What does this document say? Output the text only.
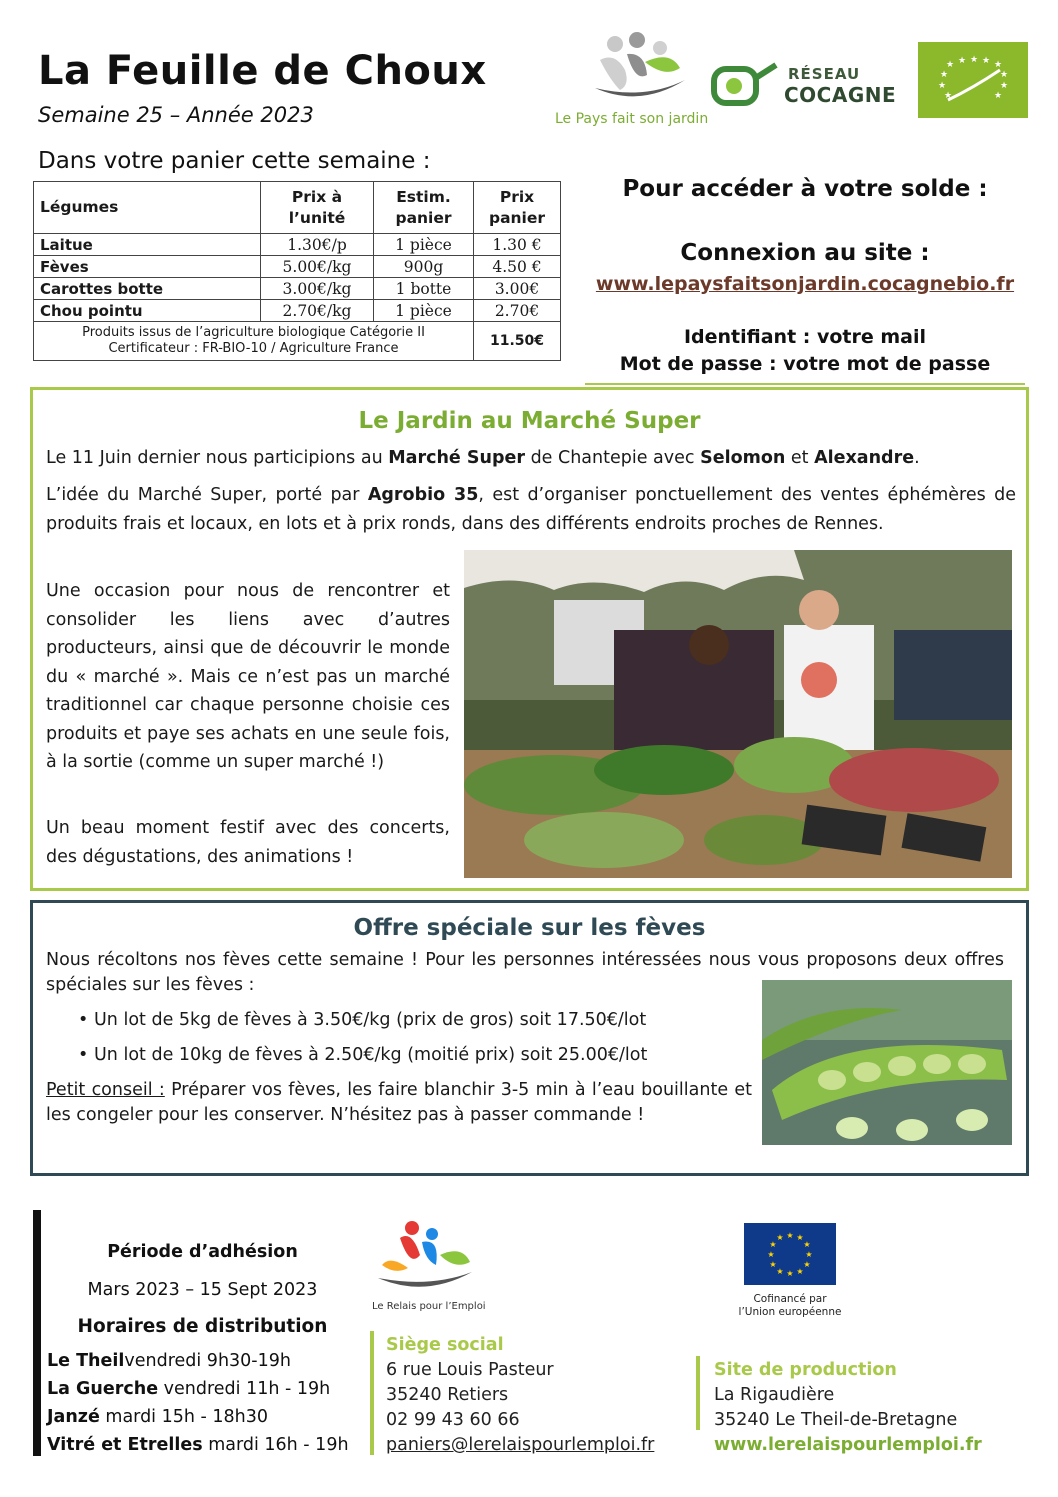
La Feuille de Choux
Semaine 25 – Année 2023	Le Pays fait son jardin
RÉSEAU
COCAGNE
★ ★ ★ ★ ★
★
★
★	★
★	★
Dans votre panier cette semaine :
Légumes	Prix à l’unité	Estim. panier	Prix panier
Laitue	1.30€/p	1 pièce	1.30 €
Fèves	5.00€/kg	900g	4.50 €
Carottes botte	3.00€/kg	1 botte	3.00€
Chou pointu	2.70€/kg	1 pièce	2.70€

Produits issus de l’agriculture biologique Catégorie II
Certificateur : FR-BIO-10 / Agriculture France			11.50€
Pour accéder à votre solde :
Connexion au site :
www.lepaysfaitsonjardin.cocagnebio.fr
Identifiant : votre mail
Mot de passe : votre mot de passe
Le Jardin au Marché Super
Le 11 Juin dernier nous participions au Marché Super de Chantepie avec Selomon et Alexandre.
L’idée du Marché Super, porté par Agrobio 35, est d’organiser ponctuellement des ventes éphémères de produits frais et locaux, en lots et à prix ronds, dans des différents endroits proches de Rennes.
Une occasion pour nous de rencontrer et consolider les liens avec d’autres producteurs, ainsi que de découvrir le monde du « marché ». Mais ce n’est pas un marché traditionnel car chaque personne choisie ces produits et paye ses achats en une seule fois, à la sortie (comme un super marché !)
Un beau moment festif avec des concerts, des dégustations, des animations !
Offre spéciale sur les fèves
Nous récoltons nos fèves cette semaine ! Pour les personnes intéressées nous vous proposons deux offres spéciales sur les fèves :
• Un lot de 5kg de fèves à 3.50€/kg (prix de gros) soit 17.50€/lot
• Un lot de 10kg de fèves à 2.50€/kg (moitié prix) soit 25.00€/lot
Petit conseil : Préparer vos fèves, les faire blanchir 3-5 min à l’eau bouillante et les congeler pour les conserver. N’hésitez pas à passer commande !
Période d’adhésion
Mars 2023 – 15 Sept 2023
Horaires de distribution
Le Theilvendredi 9h30-19h
La Guerche vendredi 11h - 19h
Janzé mardi 15h - 18h30
Vitré et Etrelles mardi 16h - 19h
Le Relais pour l’Emploi
★ ★
★
★
★
★
★
★
★
★
★
★
Cofinancé par
l’Union européenne
Siège social
6 rue Louis Pasteur
35240 Retiers
02 99 43 60 66
paniers@lerelaispourlemploi.fr
Site de production
La Rigaudière
35240 Le Theil-de-Bretagne
www.lerelaispourlemploi.fr
